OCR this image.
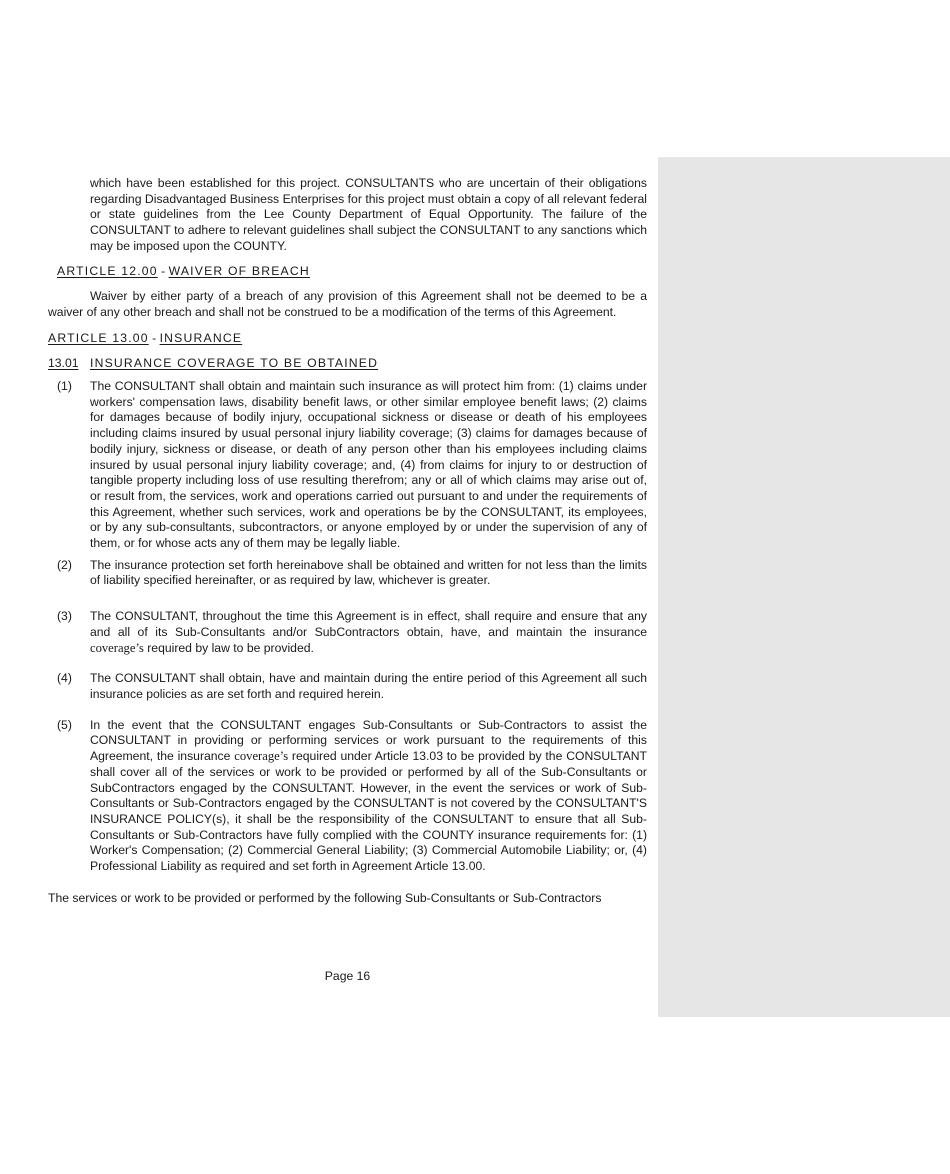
which have been established for this project. CONSULTANTS who are uncertain of their obligations regarding Disadvantaged Business Enterprises for this project must obtain a copy of all relevant federal or state guidelines from the Lee County Department of Equal Opportunity. The failure of the CONSULTANT to adhere to relevant guidelines shall subject the CONSULTANT to any sanctions which may be imposed upon the COUNTY.

ARTICLE 12.00 - WAIVER OF BREACH

Waiver by either party of a breach of any provision of this Agreement shall not be deemed to be a waiver of any other breach and shall not be construed to be a modification of the terms of this Agreement.

ARTICLE 13.00 - INSURANCE
13.01 INSURANCE COVERAGE TO BE OBTAINED
(1)	The CONSULTANT shall obtain and maintain such insurance as will protect him from: (1) claims under workers' compensation laws, disability benefit laws, or other similar employee benefit laws; (2) claims for damages because of bodily injury, occupational sickness or disease or death of his employees including claims insured by usual personal injury liability coverage; (3) claims for damages because of bodily injury, sickness or disease, or death of any person other than his employees including claims insured by usual personal injury liability coverage; and, (4) from claims for injury to or destruction of tangible property including loss of use resulting therefrom; any or all of which claims may arise out of, or result from, the services, work and operations carried out pursuant to and under the requirements of this Agreement, whether such services, work and operations be by the CONSULTANT, its employees, or by any sub-consultants, subcontractors, or anyone employed by or under the supervision of any of them, or for whose acts any of them may be legally liable.
(2)	The insurance protection set forth hereinabove shall be obtained and written for not less than the limits of liability specified hereinafter, or as required by law, whichever is greater.
(3)	The CONSULTANT, throughout the time this Agreement is in effect, shall require and ensure that any and all of its Sub-Consultants and/or SubContractors obtain, have, and maintain the insurance coverage’s required by law to be provided.
(4)	The CONSULTANT shall obtain, have and maintain during the entire period of this Agreement all such insurance policies as are set forth and required herein.
(5)	In the event that the CONSULTANT engages Sub-Consultants or Sub-Contractors to assist the CONSULTANT in providing or performing services or work pursuant to the requirements of this Agreement, the insurance coverage’s required under Article 13.03 to be provided by the CONSULTANT shall cover all of the services or work to be provided or performed by all of the Sub-Consultants or SubContractors engaged by the CONSULTANT. However, in the event the services or work of Sub-Consultants or Sub-Contractors engaged by the CONSULTANT is not covered by the CONSULTANT'S INSURANCE POLICY(s), it shall be the responsibility of the CONSULTANT to ensure that all Sub-Consultants or Sub-Contractors have fully complied with the COUNTY insurance requirements for: (1) Worker's Compensation; (2) Commercial General Liability; (3) Commercial Automobile Liability; or, (4) Professional Liability as required and set forth in Agreement Article 13.00.

The services or work to be provided or performed by the following Sub-Consultants or Sub-Contractors

Page 16
